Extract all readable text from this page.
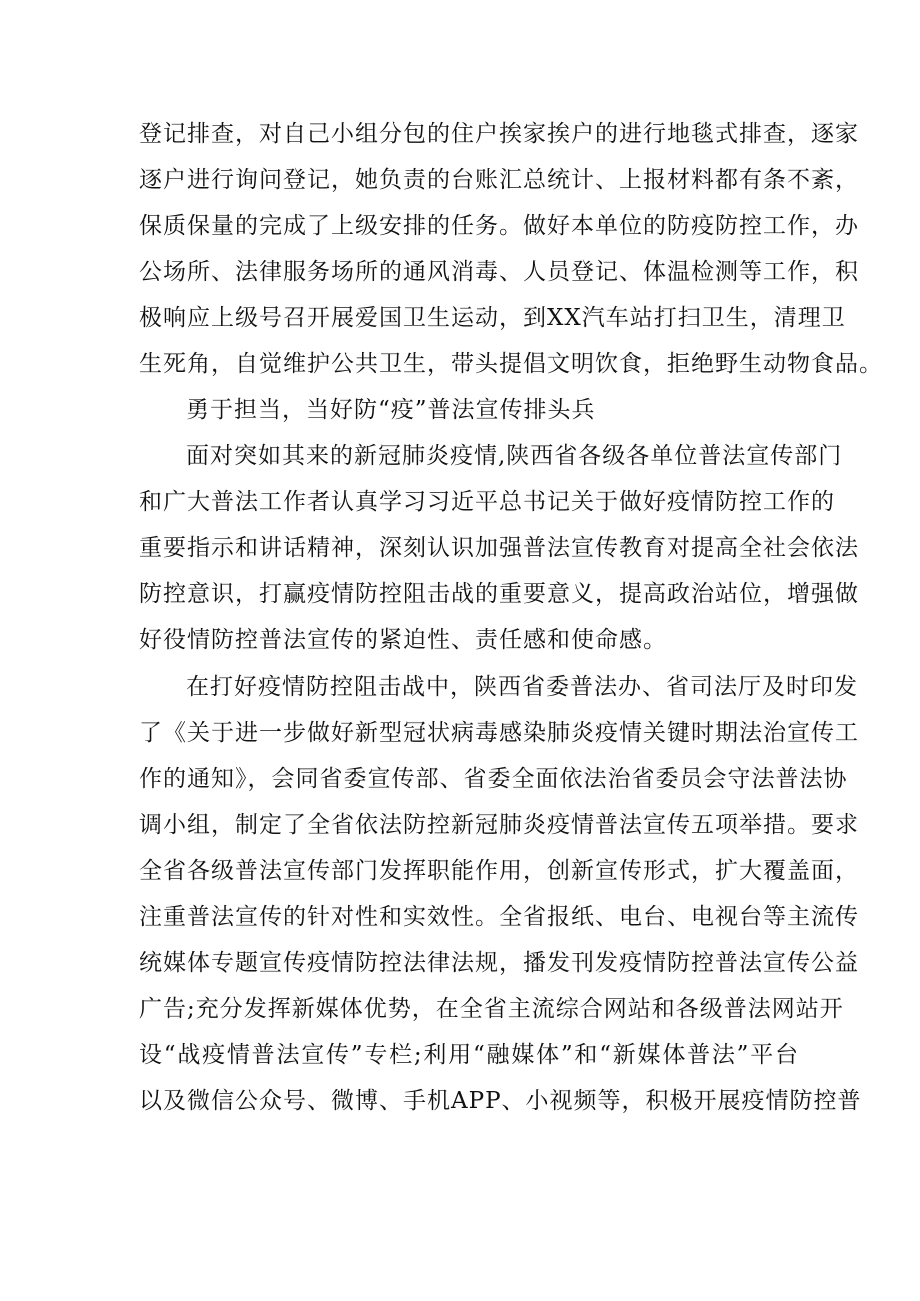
登记排查，对自己小组分包的住户挨家挨户的进行地毯式排查，逐家
逐户进行询问登记，她负责的台账汇总统计、上报材料都有条不紊，
保质保量的完成了上级安排的任务。做好本单位的防疫防控工作，办
公场所、法律服务场所的通风消毒、人员登记、体温检测等工作，积
极响应上级号召开展爱国卫生运动，到XX汽车站打扫卫生，清理卫
生死角，自觉维护公共卫生，带头提倡文明饮食，拒绝野生动物食品。
勇于担当，当好防“疫”普法宣传排头兵
面对突如其来的新冠肺炎疫情,陕西省各级各单位普法宣传部门
和广大普法工作者认真学习习近平总书记关于做好疫情防控工作的
重要指示和讲话精神，深刻认识加强普法宣传教育对提高全社会依法
防控意识，打赢疫情防控阻击战的重要意义，提高政治站位，增强做
好役情防控普法宣传的紧迫性、责任感和使命感。
在打好疫情防控阻击战中，陕西省委普法办、省司法厅及时印发
了《关于进一步做好新型冠状病毒感染肺炎疫情关键时期法治宣传工
作的通知》，会同省委宣传部、省委全面依法治省委员会守法普法协
调小组，制定了全省依法防控新冠肺炎疫情普法宣传五项举措。要求
全省各级普法宣传部门发挥职能作用，创新宣传形式，扩大覆盖面，
注重普法宣传的针对性和实效性。全省报纸、电台、电视台等主流传
统媒体专题宣传疫情防控法律法规，播发刊发疫情防控普法宣传公益
广告;充分发挥新媒体优势，在全省主流综合网站和各级普法网站开
设“战疫情普法宣传”专栏;利用“融媒体”和“新媒体普法”平台
以及微信公众号、微博、手机APP、小视频等，积极开展疫情防控普
